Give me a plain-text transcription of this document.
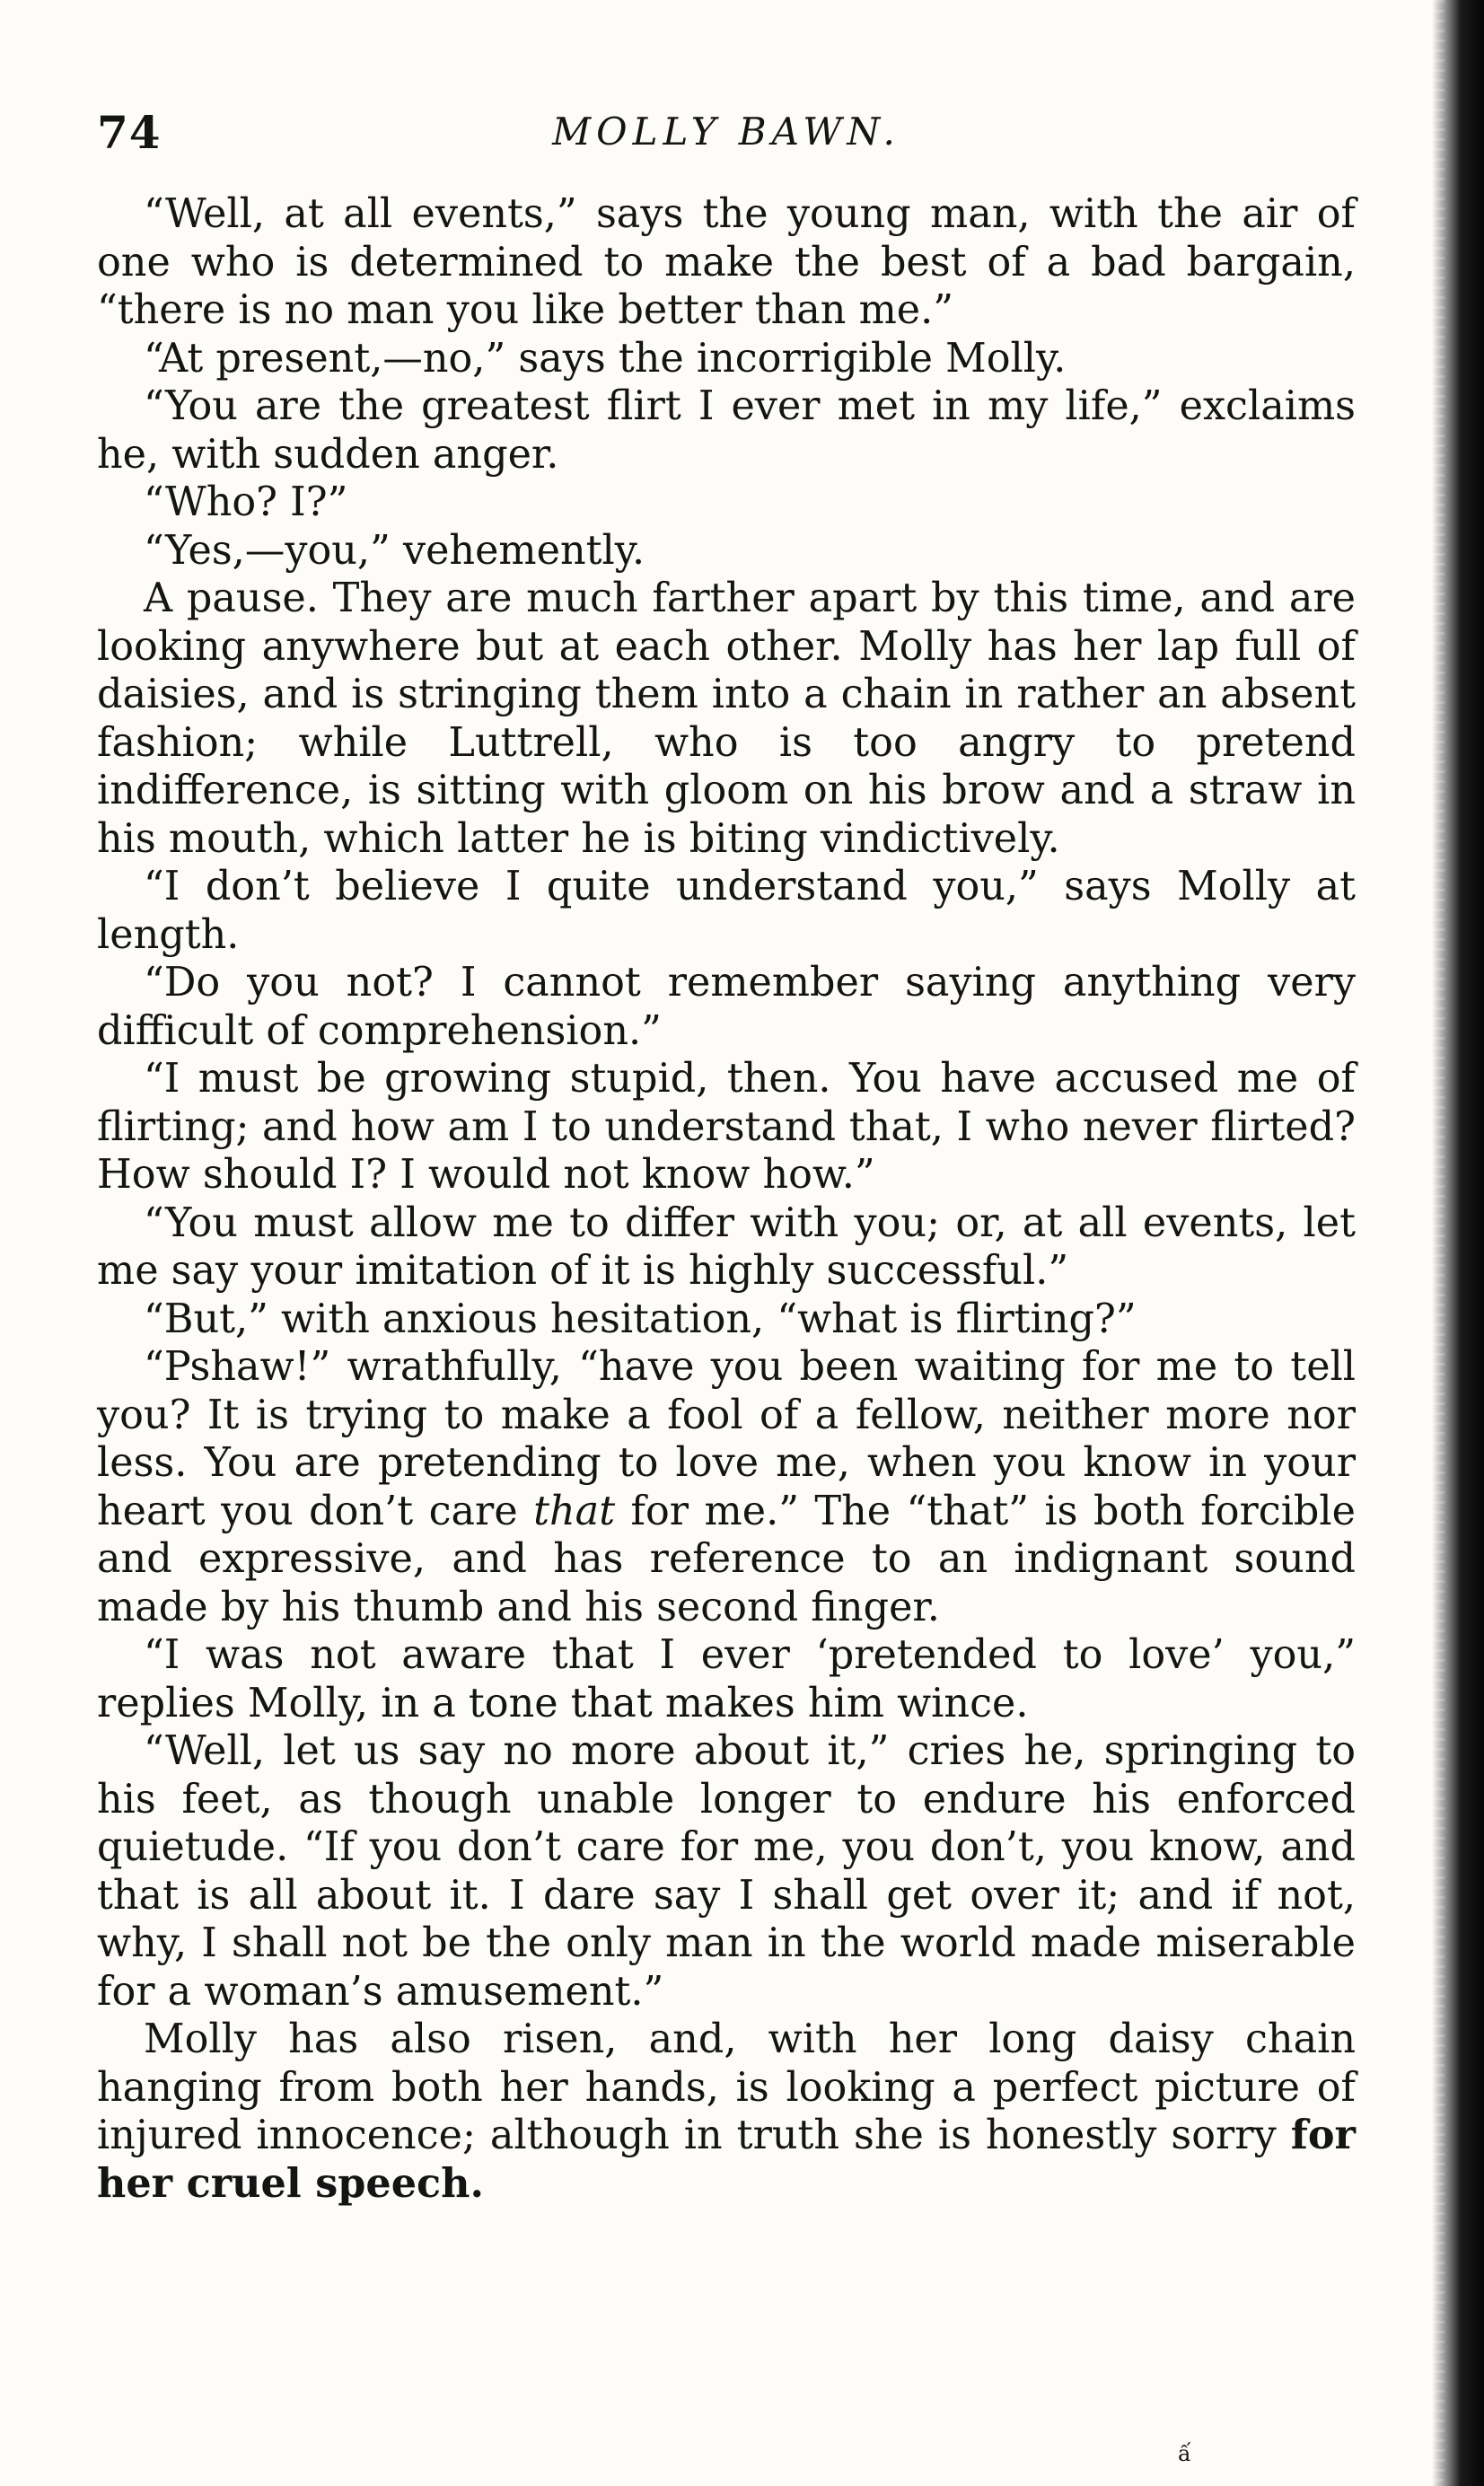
74	MOLLY BAWN.

“Well, at all events,” says the young man, with the air of one who is determined to make the best of a bad bargain, “there is no man you like better than me.”

“At present,—no,” says the incorrigible Molly.

“You are the greatest flirt I ever met in my life,” exclaims he, with sudden anger.

“Who? I?”

“Yes,—you,” vehemently.

A pause. They are much farther apart by this time, and are looking anywhere but at each other. Molly has her lap full of daisies, and is stringing them into a chain in rather an absent fashion; while Luttrell, who is too angry to pretend indifference, is sitting with gloom on his brow and a straw in his mouth, which latter he is biting vindictively.

“I don’t believe I quite understand you,” says Molly at length.

“Do you not? I cannot remember saying anything very difficult of comprehension.”

“I must be growing stupid, then. You have accused me of flirting; and how am I to understand that, I who never flirted? How should I? I would not know how.”

“You must allow me to differ with you; or, at all events, let me say your imitation of it is highly successful.”

“But,” with anxious hesitation, “what is flirting?”

“Pshaw!” wrathfully, “have you been waiting for me to tell you? It is trying to make a fool of a fellow, neither more nor less. You are pretending to love me, when you know in your heart you don’t care that for me.” The “that” is both forcible and expressive, and has reference to an indignant sound made by his thumb and his second finger.

“I was not aware that I ever ‘pretended to love’ you,” replies Molly, in a tone that makes him wince.

“Well, let us say no more about it,” cries he, springing to his feet, as though unable longer to endure his enforced quietude. “If you don’t care for me, you don’t, you know, and that is all about it. I dare say I shall get over it; and if not, why, I shall not be the only man in the world made miserable for a woman’s amusement.”

Molly has also risen, and, with her long daisy chain hanging from both her hands, is looking a perfect picture of injured innocence; although in truth she is honestly sorry for her cruel speech.

ấ
